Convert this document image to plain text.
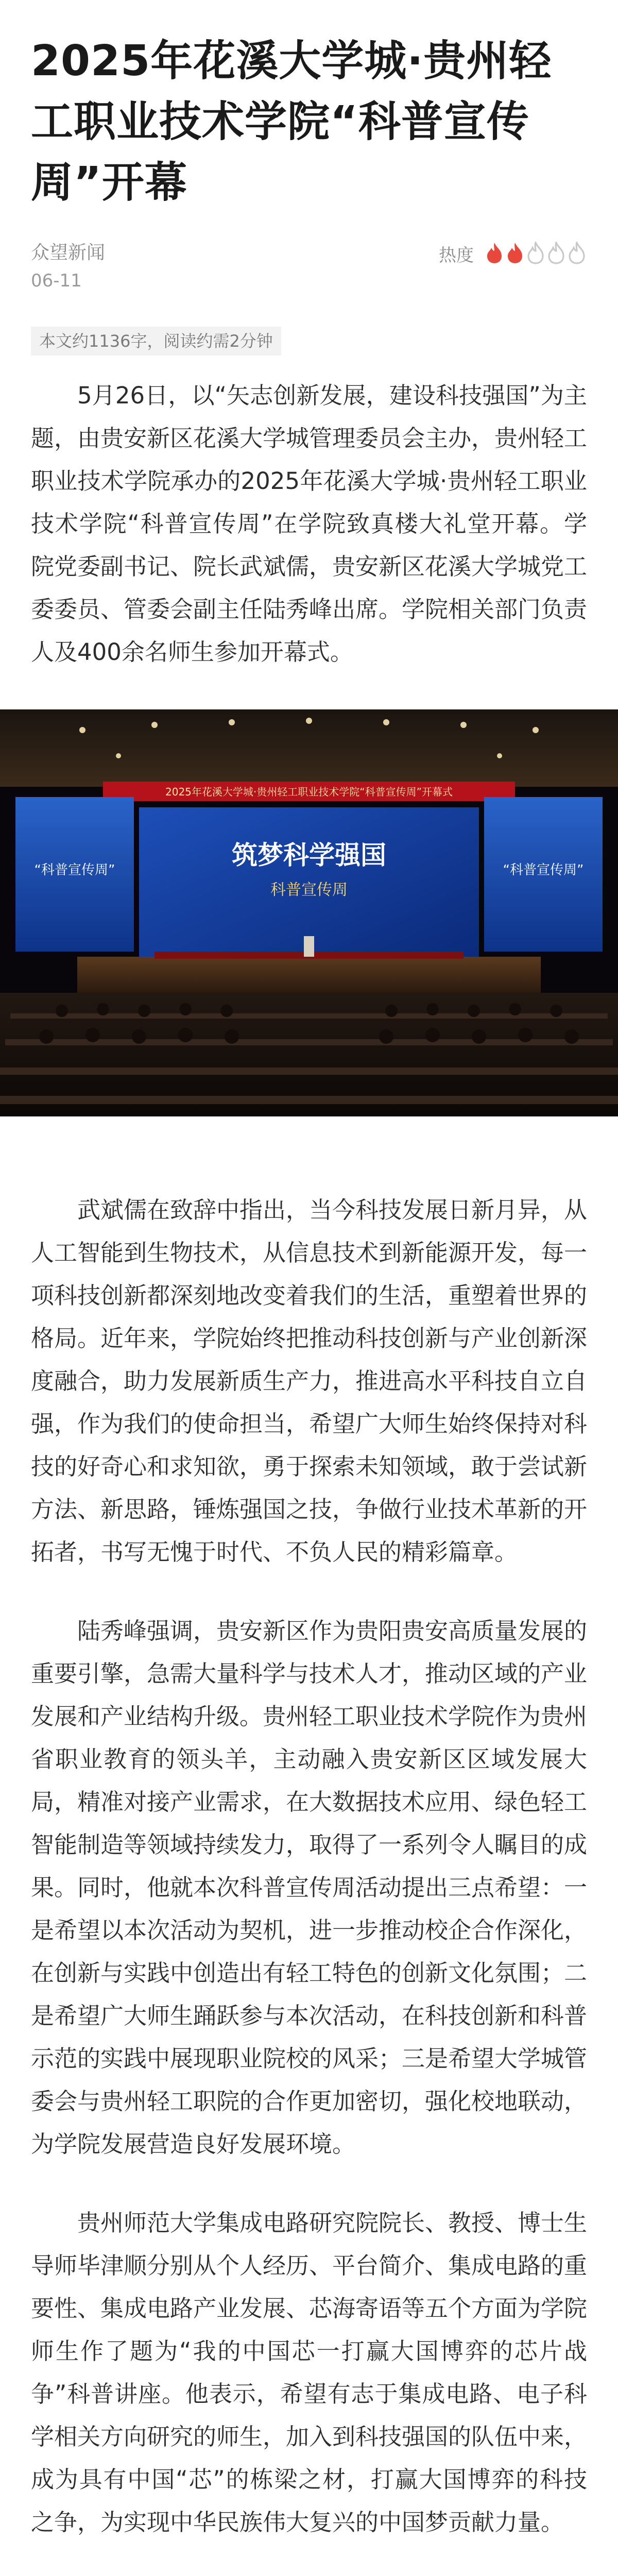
2025年花溪大学城·贵州轻工职业技术学院“科普宣传周”开幕
众望新闻
06-11
热度
本文约1136字，阅读约需2分钟

5月26日，以“矢志创新发展，建设科技强国”为主题，由贵安新区花溪大学城管理委员会主办，贵州轻工职业技术学院承办的2025年花溪大学城·贵州轻工职业技术学院“科普宣传周”在学院致真楼大礼堂开幕。学院党委副书记、院长武斌儒，贵安新区花溪大学城党工委委员、管委会副主任陆秀峰出席。学院相关部门负责人及400余名师生参加开幕式。

2025年花溪大学城·贵州轻工职业技术学院“科普宣传周”开幕式
“科普宣传周”	“科普宣传周”
筑梦科学强国
科普宣传周

武斌儒在致辞中指出，当今科技发展日新月异，从人工智能到生物技术，从信息技术到新能源开发，每一项科技创新都深刻地改变着我们的生活，重塑着世界的格局。近年来，学院始终把推动科技创新与产业创新深度融合，助力发展新质生产力，推进高水平科技自立自强，作为我们的使命担当，希望广大师生始终保持对科技的好奇心和求知欲，勇于探索未知领域，敢于尝试新方法、新思路，锤炼强国之技，争做行业技术革新的开拓者，书写无愧于时代、不负人民的精彩篇章。

陆秀峰强调，贵安新区作为贵阳贵安高质量发展的重要引擎，急需大量科学与技术人才，推动区域的产业发展和产业结构升级。贵州轻工职业技术学院作为贵州省职业教育的领头羊，主动融入贵安新区区域发展大局，精准对接产业需求，在大数据技术应用、绿色轻工智能制造等领域持续发力，取得了一系列令人瞩目的成果。同时，他就本次科普宣传周活动提出三点希望：一是希望以本次活动为契机，进一步推动校企合作深化，在创新与实践中创造出有轻工特色的创新文化氛围；二是希望广大师生踊跃参与本次活动，在科技创新和科普示范的实践中展现职业院校的风采；三是希望大学城管委会与贵州轻工职院的合作更加密切，强化校地联动，为学院发展营造良好发展环境。

贵州师范大学集成电路研究院院长、教授、博士生导师毕津顺分别从个人经历、平台简介、集成电路的重要性、集成电路产业发展、芯海寄语等五个方面为学院师生作了题为“我的中国芯一打赢大国博弈的芯片战争”科普讲座。他表示，希望有志于集成电路、电子科学相关方向研究的师生，加入到科技强国的队伍中来，成为具有中国“芯”的栋梁之材，打赢大国博弈的科技之争，为实现中华民族伟大复兴的中国梦贡献力量。
